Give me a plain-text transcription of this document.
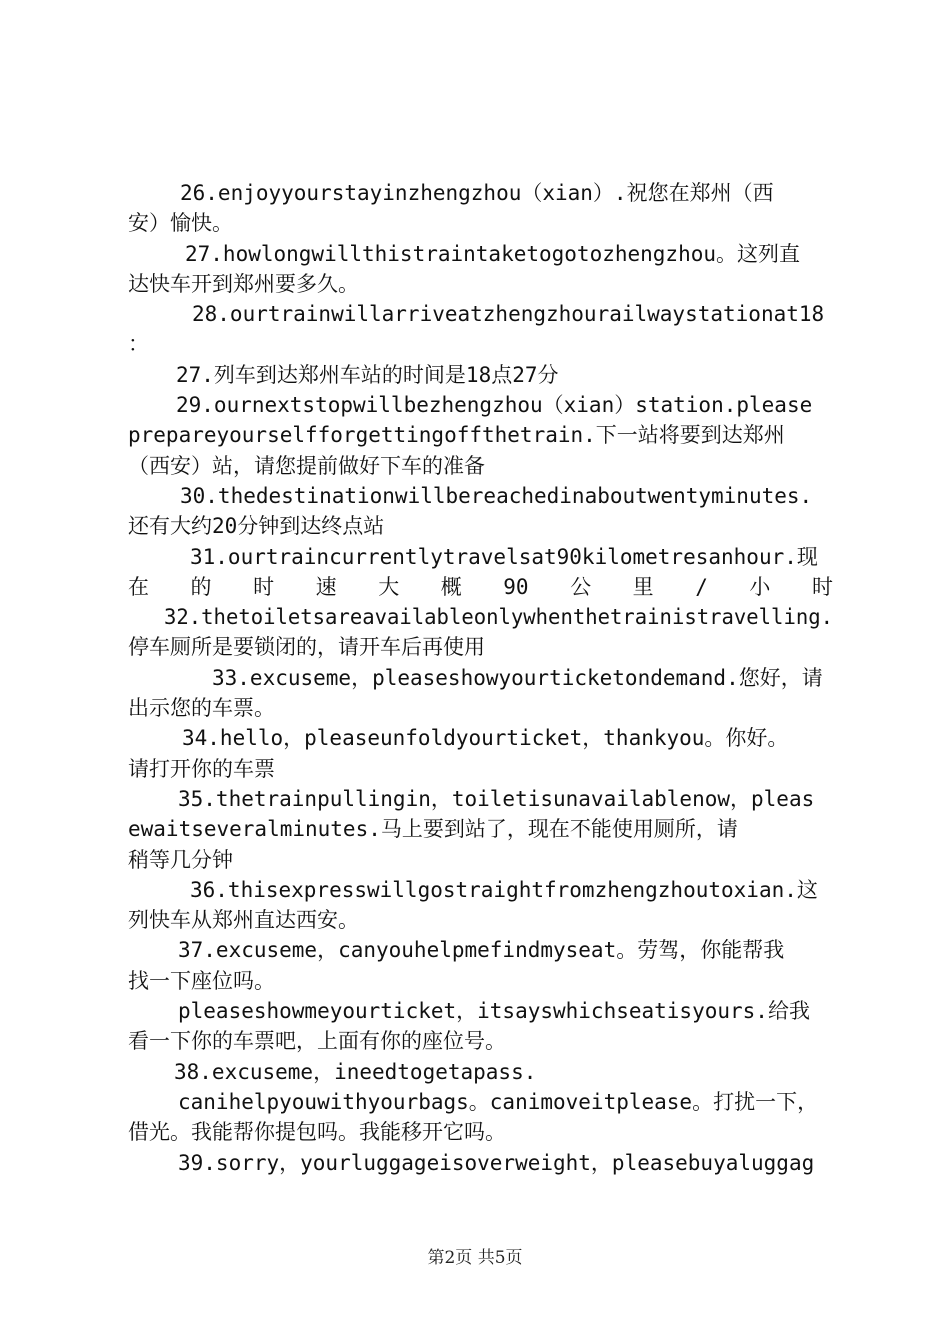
26.enjoyyourstayinzhengzhou（xian）.祝您在郑州（西
安）愉快。
27.howlongwillthistraintaketogotozhengzhou。这列直
达快车开到郑州要多久。
28.ourtrainwillarriveatzhengzhourailwaystationat18
：
27.列车到达郑州车站的时间是18点27分
29.ournextstopwillbezhengzhou（xian）station.please
prepareyourselfforgettingoffthetrain.下一站将要到达郑州
（西安）站，请您提前做好下车的准备
30.thedestinationwillbereachedinaboutwentyminutes.
还有大约20分钟到达终点站
31.ourtraincurrentlytravelsat90kilometresanhour.现
在 的 时 速 大 概 90 公 里 / 小 时
32.thetoiletsareavailableonlywhenthetrainistravelling.
停车厕所是要锁闭的，请开车后再使用
33.excuseme，pleaseshowyourticketondemand.您好，请
出示您的车票。
34.hello，pleaseunfoldyourticket，thankyou。你好。
请打开你的车票
35.thetrainpullingin，toiletisunavailablenow，pleas
ewaitseveralminutes.马上要到站了，现在不能使用厕所，请
稍等几分钟
36.thisexpresswillgostraightfromzhengzhoutoxian.这
列快车从郑州直达西安。
37.excuseme，canyouhelpmefindmyseat。劳驾，你能帮我
找一下座位吗。
pleaseshowmeyourticket，itsayswhichseatisyours.给我
看一下你的车票吧，上面有你的座位号。
38.excuseme，ineedtogetapass.
canihelpyouwithyourbags。canimoveitplease。打扰一下，
借光。我能帮你提包吗。我能移开它吗。
39.sorry，yourluggageisoverweight，pleasebuyaluggag
第2页 共5页
